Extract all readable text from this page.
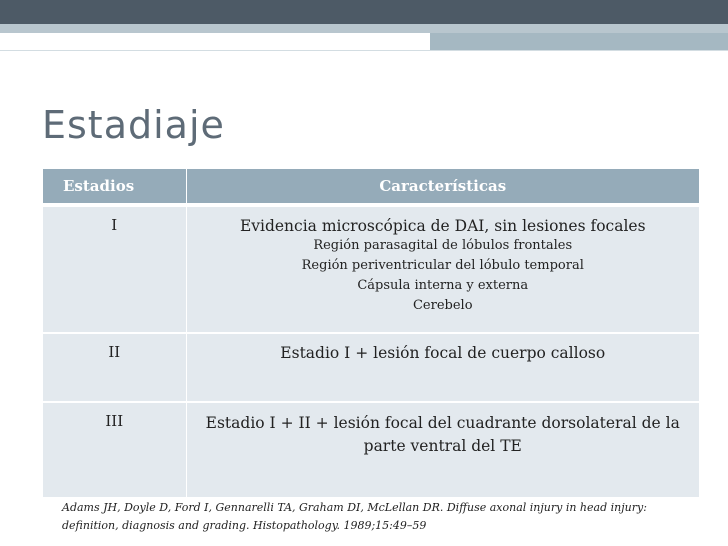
Estadiaje
Estadios	Características
I	Evidencia microscópica de DAI, sin lesiones focales
Región parasagital de lóbulos frontales
Región periventricular del lóbulo temporal
Cápsula interna y externa
Cerebelo

II	Estadio I + lesión focal de cuerpo calloso

III	Estadio I + II + lesión focal del cuadrante dorsolateral de la parte ventral del TE
Adams JH, Doyle D, Ford I, Gennarelli TA, Graham DI, McLellan DR. Diffuse axonal injury in head injury:
definition, diagnosis and grading. Histopathology. 1989;15:49–59
